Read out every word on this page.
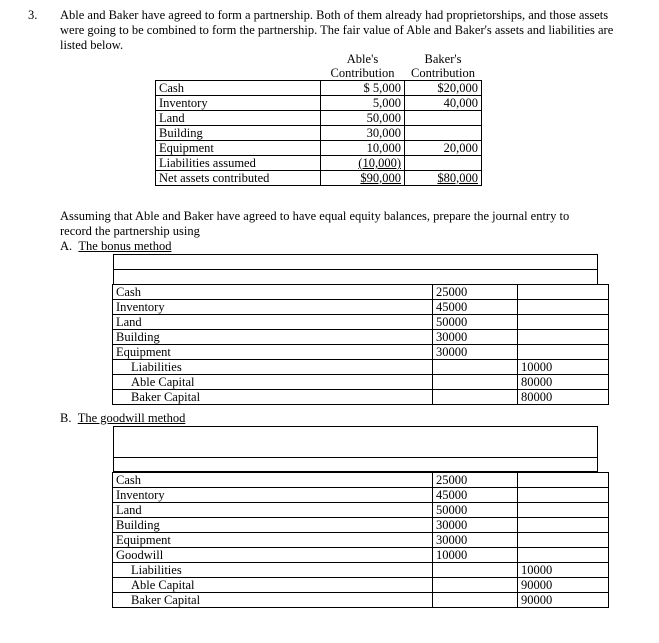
3. Able and Baker have agreed to form a partnership. Both of them already had proprietorships, and those assets were going to be combined to form the partnership. The fair value of Able and Baker's assets and liabilities are listed below.
	Able's	Baker's
	Contribution	Contribution
Cash	$ 5,000	$20,000
Inventory	5,000	40,000
Land	50,000	
Building	30,000	
Equipment	10,000	20,000
Liabilities assumed	(10,000)	
Net assets contributed	$90,000	$80,000
Assuming that Able and Baker have agreed to have equal equity balances, prepare the journal entry to record the partnership using
A. The bonus method
Cash	25000	
Inventory	45000	
Land	50000	
Building	30000	
Equipment	30000	
Liabilities		10000
Able Capital		80000
Baker Capital		80000
B. The goodwill method
Cash	25000	
Inventory	45000	
Land	50000	
Building	30000	
Equipment	30000	
Goodwill	10000	
Liabilities		10000
Able Capital		90000
Baker Capital		90000
